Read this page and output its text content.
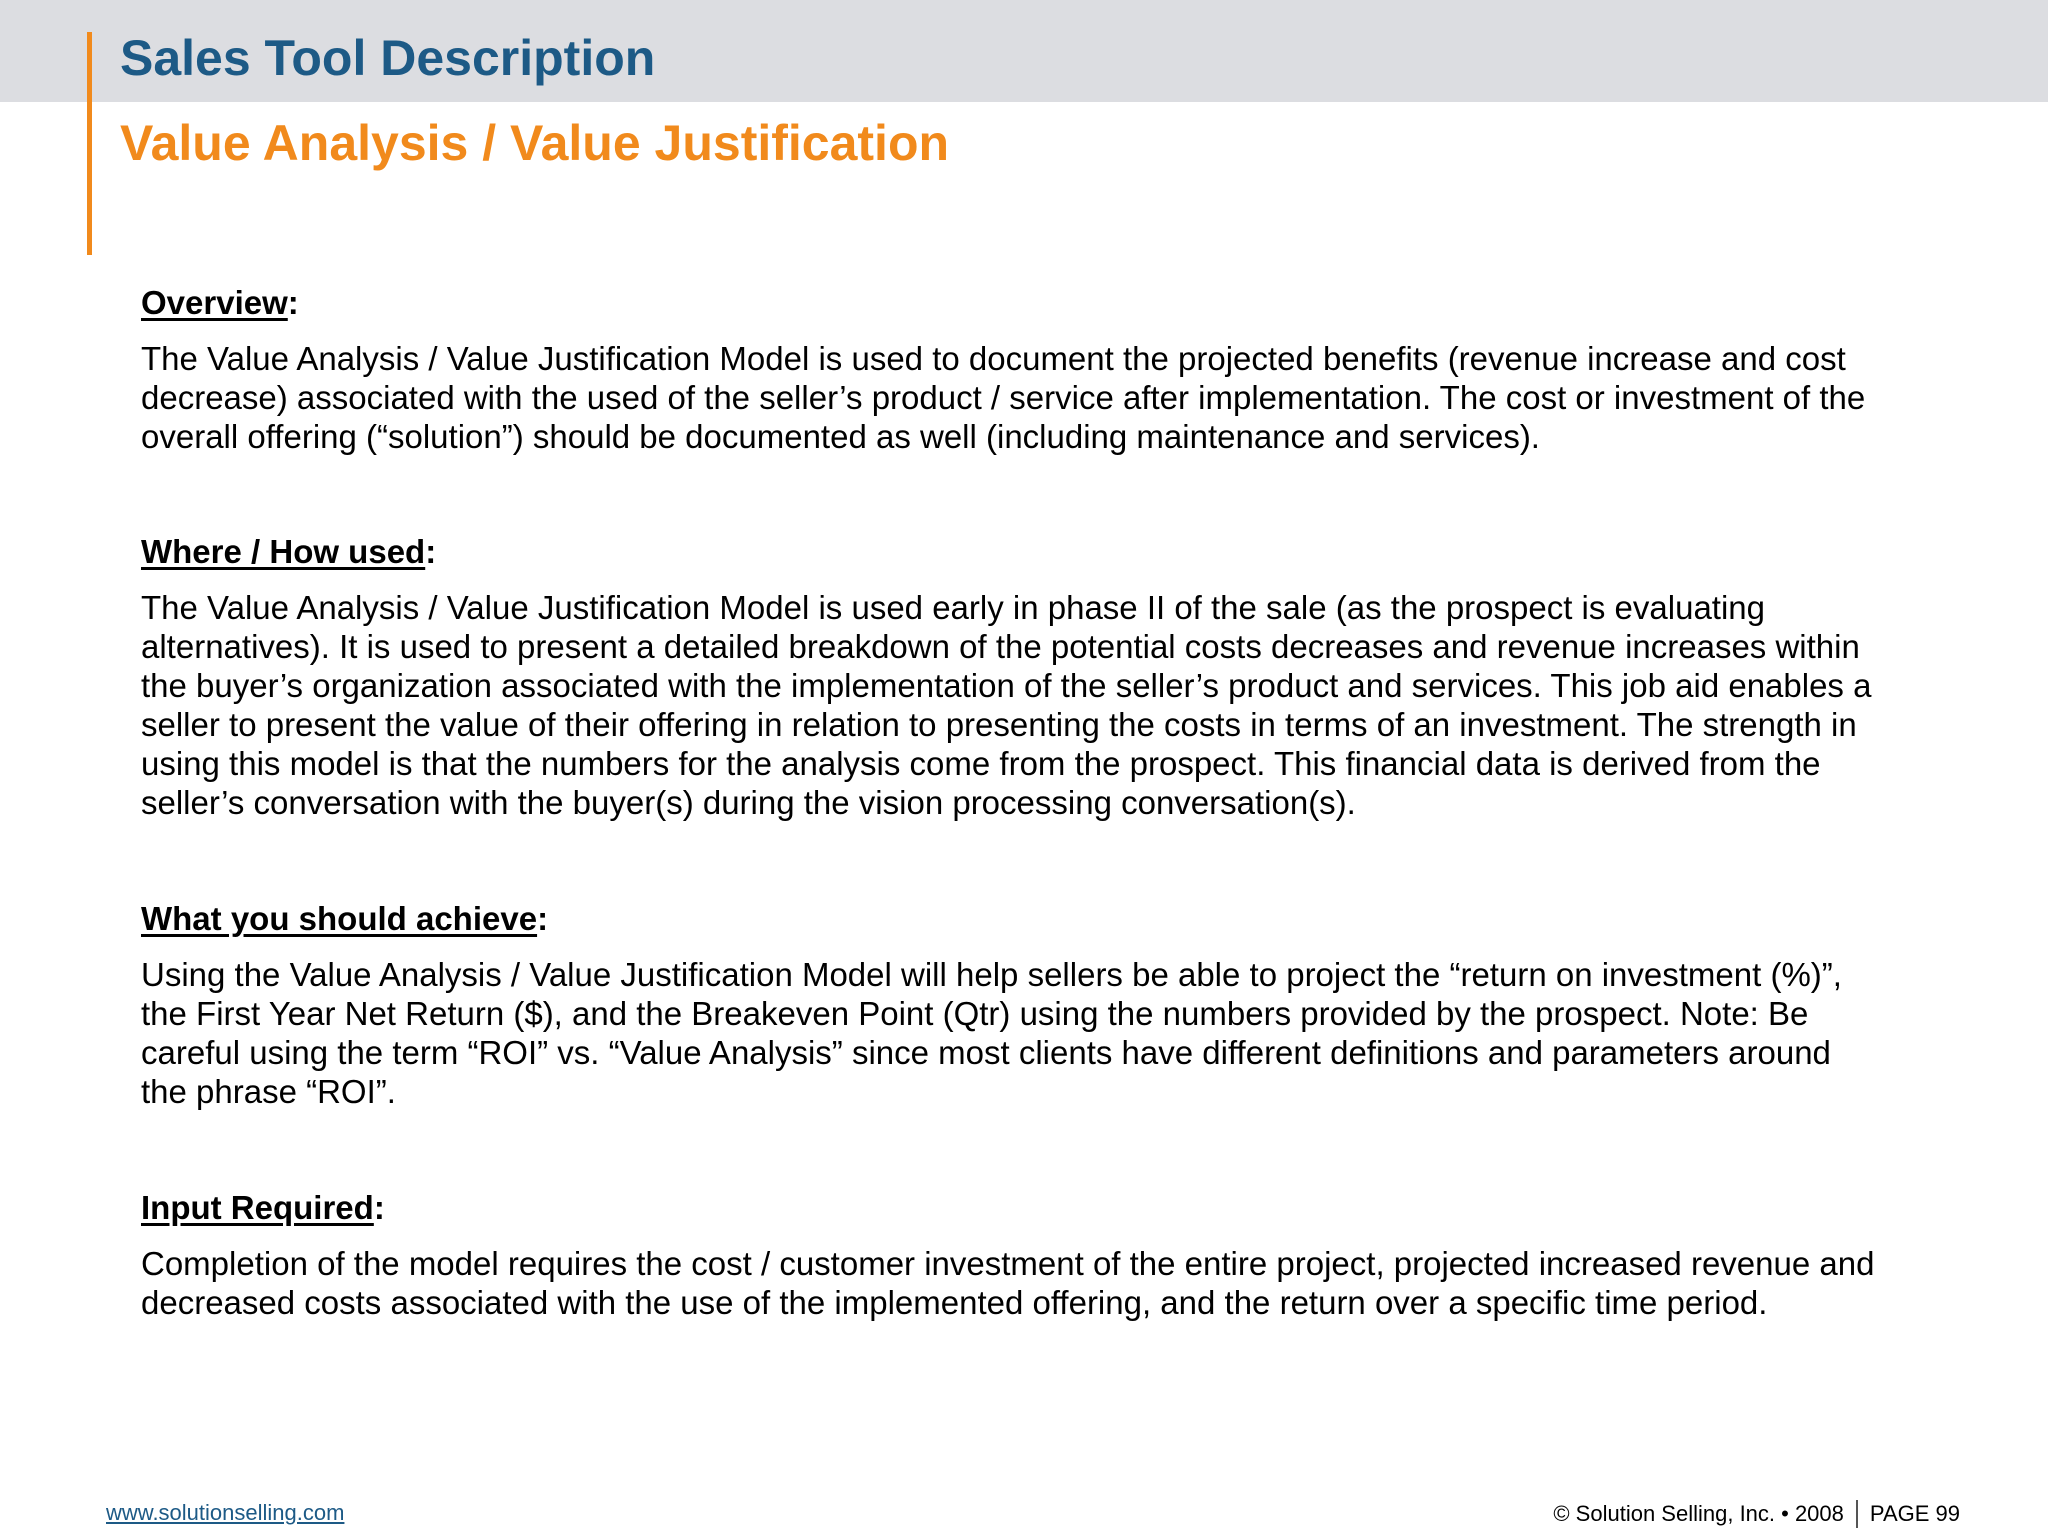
Sales Tool Description
Value Analysis / Value Justification
Overview:

The Value Analysis / Value Justification Model is used to document the projected benefits (revenue increase and cost
decrease) associated with the used of the seller’s product / service after implementation. The cost or investment of the
overall offering (“solution”) should be documented as well (including maintenance and services).

Where / How used:

The Value Analysis / Value Justification Model is used early in phase II of the sale (as the prospect is evaluating
alternatives). It is used to present a detailed breakdown of the potential costs decreases and revenue increases within
the buyer’s organization associated with the implementation of the seller’s product and services. This job aid enables a
seller to present the value of their offering in relation to presenting the costs in terms of an investment. The strength in
using this model is that the numbers for the analysis come from the prospect. This financial data is derived from the
seller’s conversation with the buyer(s) during the vision processing conversation(s).

What you should achieve:

Using the Value Analysis / Value Justification Model will help sellers be able to project the “return on investment (%)”,
the First Year Net Return ($), and the Breakeven Point (Qtr) using the numbers provided by the prospect. Note: Be
careful using the term “ROI” vs. “Value Analysis” since most clients have different definitions and parameters around
the phrase “ROI”.

Input Required:

Completion of the model requires the cost / customer investment of the entire project, projected increased revenue and
decreased costs associated with the use of the implemented offering, and the return over a specific time period.

www.solutionselling.com	© Solution Selling, Inc. • 2008 PAGE 99
